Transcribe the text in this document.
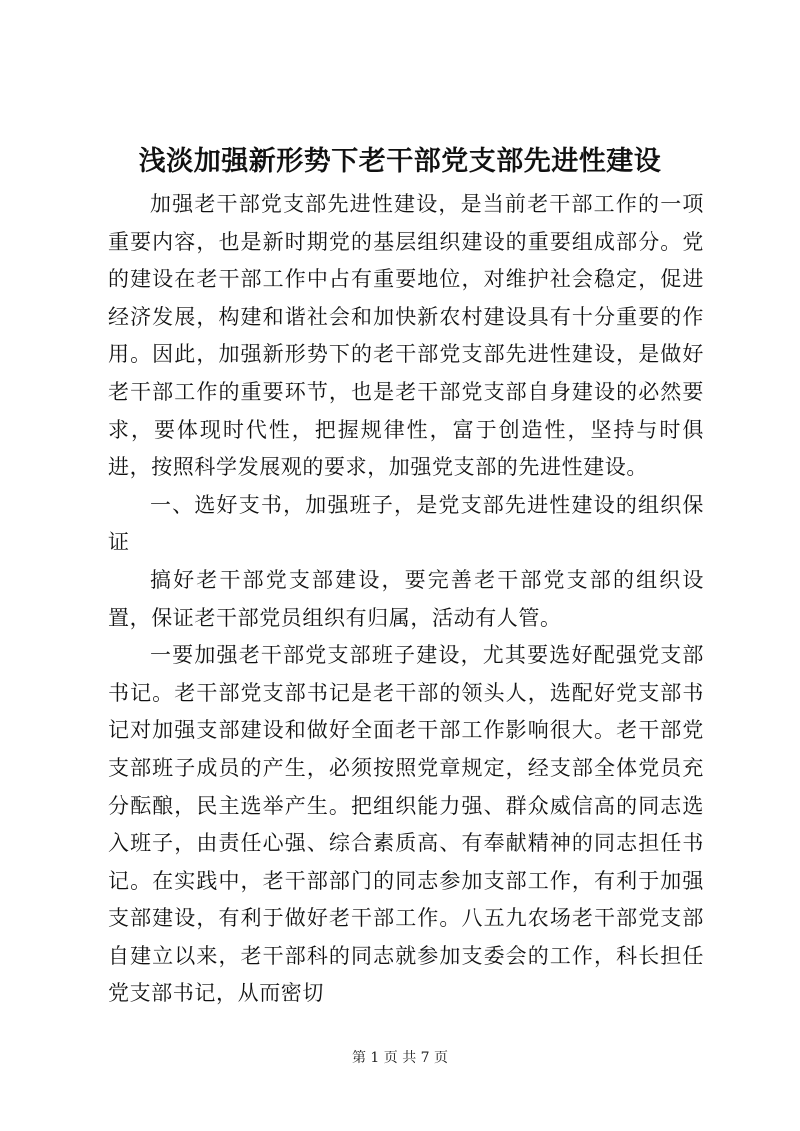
浅淡加强新形势下老干部党支部先进性建设

加强老干部党支部先进性建设，是当前老干部工作的一项重要内容，也是新时期党的基层组织建设的重要组成部分。党的建设在老干部工作中占有重要地位，对维护社会稳定，促进经济发展，构建和谐社会和加快新农村建设具有十分重要的作用。因此，加强新形势下的老干部党支部先进性建设，是做好老干部工作的重要环节，也是老干部党支部自身建设的必然要求，要体现时代性，把握规律性，富于创造性，坚持与时俱进，按照科学发展观的要求，加强党支部的先进性建设。

一、选好支书，加强班子，是党支部先进性建设的组织保证

搞好老干部党支部建设，要完善老干部党支部的组织设置，保证老干部党员组织有归属，活动有人管。

一要加强老干部党支部班子建设，尤其要选好配强党支部书记。老干部党支部书记是老干部的领头人，选配好党支部书记对加强支部建设和做好全面老干部工作影响很大。老干部党支部班子成员的产生，必须按照党章规定，经支部全体党员充分酝酿，民主选举产生。把组织能力强、群众威信高的同志选入班子，由责任心强、综合素质高、有奉献精神的同志担任书记。在实践中，老干部部门的同志参加支部工作，有利于加强支部建设，有利于做好老干部工作。八五九农场老干部党支部自建立以来，老干部科的同志就参加支委会的工作，科长担任党支部书记，从而密切

第 1 页 共 7 页
